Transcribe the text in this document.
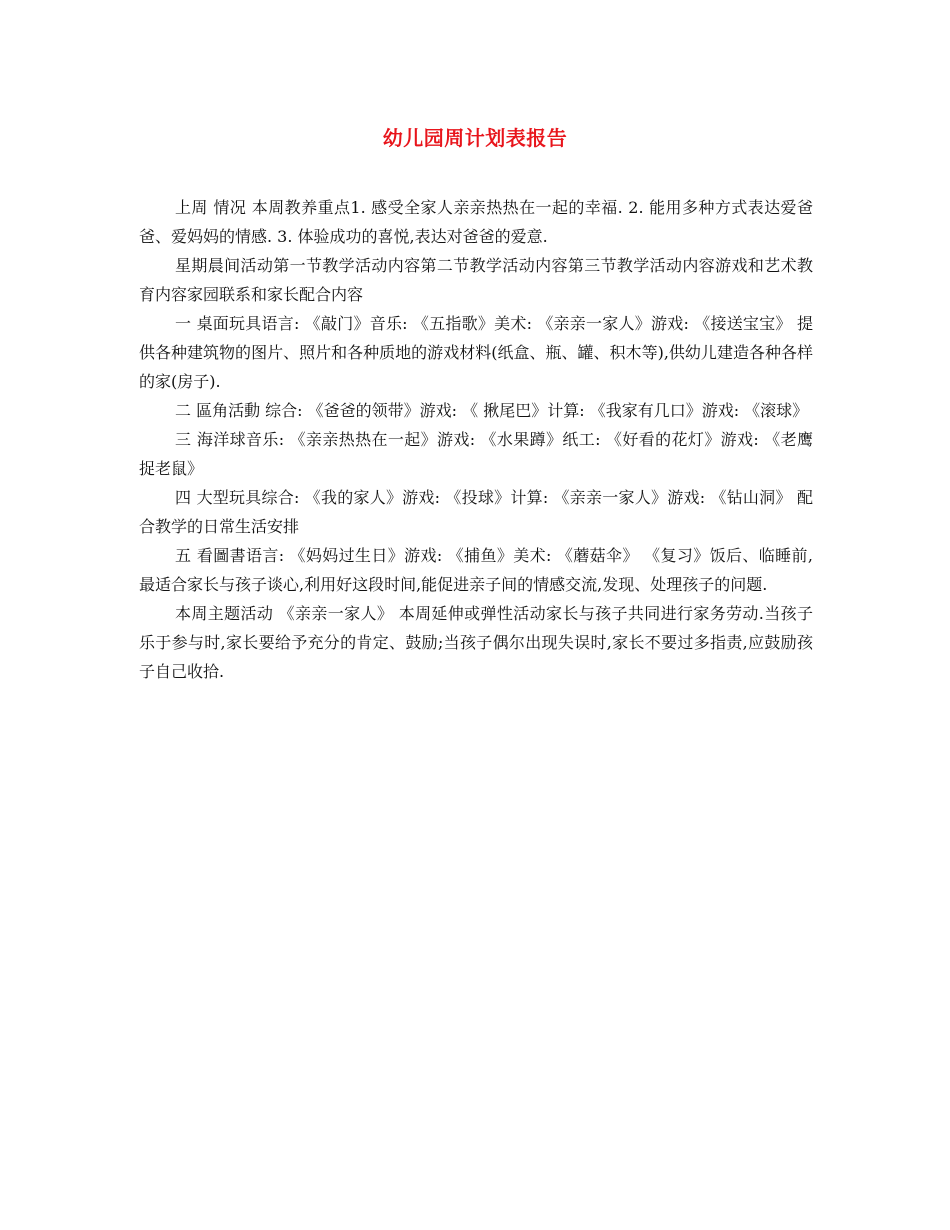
幼儿园周计划表报告

上周 情况 本周教养重点1. 感受全家人亲亲热热在一起的幸福. 2. 能用多种方式表达爱爸爸、爱妈妈的情感. 3. 体验成功的喜悦,表达对爸爸的爱意.

星期晨间活动第一节教学活动内容第二节教学活动内容第三节教学活动内容游戏和艺术教育内容家园联系和家长配合内容

一 桌面玩具语言: 《敲门》音乐: 《五指歌》美术: 《亲亲一家人》游戏: 《接送宝宝》 提供各种建筑物的图片、照片和各种质地的游戏材料(纸盒、瓶、罐、积木等),供幼儿建造各种各样的家(房子).

二 區角活動 综合: 《爸爸的领带》游戏: 《 揪尾巴》计算: 《我家有几口》游戏: 《滚球》

三 海洋球音乐: 《亲亲热热在一起》游戏: 《水果蹲》纸工: 《好看的花灯》游戏: 《老鹰捉老鼠》

四 大型玩具综合: 《我的家人》游戏: 《投球》计算: 《亲亲一家人》游戏: 《钻山洞》 配合教学的日常生活安排

五 看圖書语言: 《妈妈过生日》游戏: 《捕鱼》美术: 《蘑菇伞》 《复习》饭后、临睡前,最适合家长与孩子谈心,利用好这段时间,能促进亲子间的情感交流,发现、处理孩子的问题.

本周主题活动 《亲亲一家人》 本周延伸或弹性活动家长与孩子共同进行家务劳动.当孩子乐于参与时,家长要给予充分的肯定、鼓励;当孩子偶尔出现失误时,家长不要过多指责,应鼓励孩子自己收拾.
